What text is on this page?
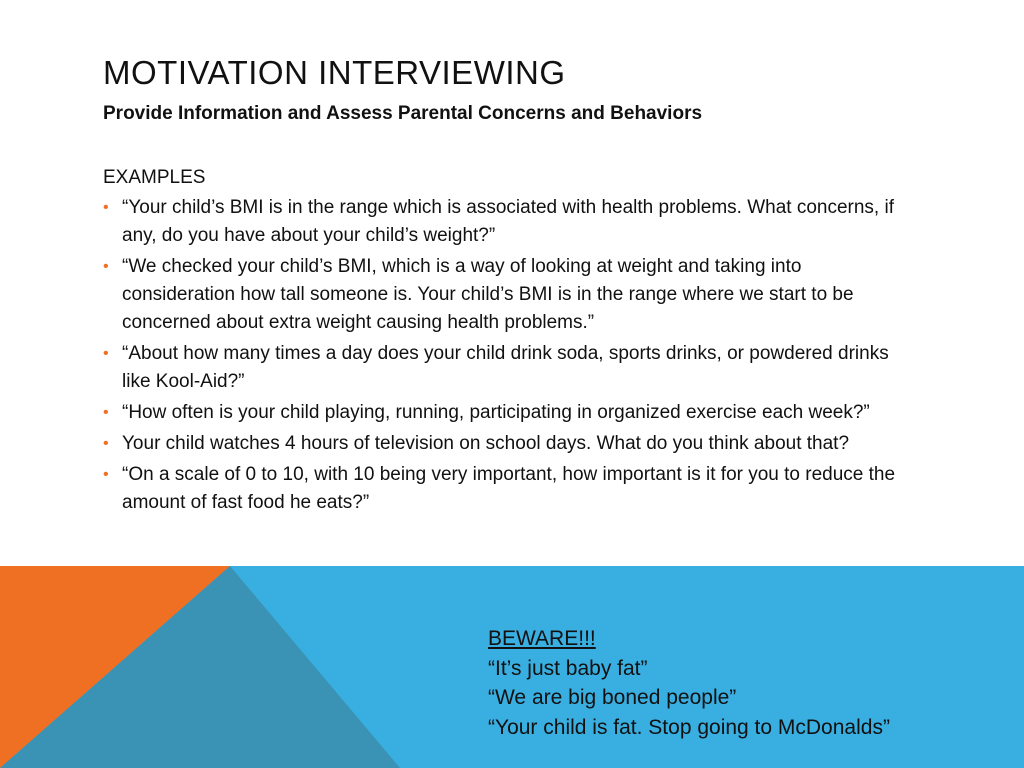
MOTIVATION INTERVIEWING
Provide Information and Assess Parental Concerns and Behaviors
EXAMPLES
• “Your child’s BMI is in the range which is associated with health problems. What concerns, if any, do you have about your child’s weight?”
• “We checked your child’s BMI, which is a way of looking at weight and taking into consideration how tall someone is. Your child’s BMI is in the range where we start to be concerned about extra weight causing health problems.”
• “About how many times a day does your child drink soda, sports drinks, or powdered drinks like Kool-Aid?”
• “How often is your child playing, running, participating in organized exercise each week?”
• Your child watches 4 hours of television on school days. What do you think about that?
• “On a scale of 0 to 10, with 10 being very important, how important is it for you to reduce the amount of fast food he eats?”
BEWARE!!!
“It’s just baby fat”
“We are big boned people”
“Your child is fat. Stop going to McDonalds”
